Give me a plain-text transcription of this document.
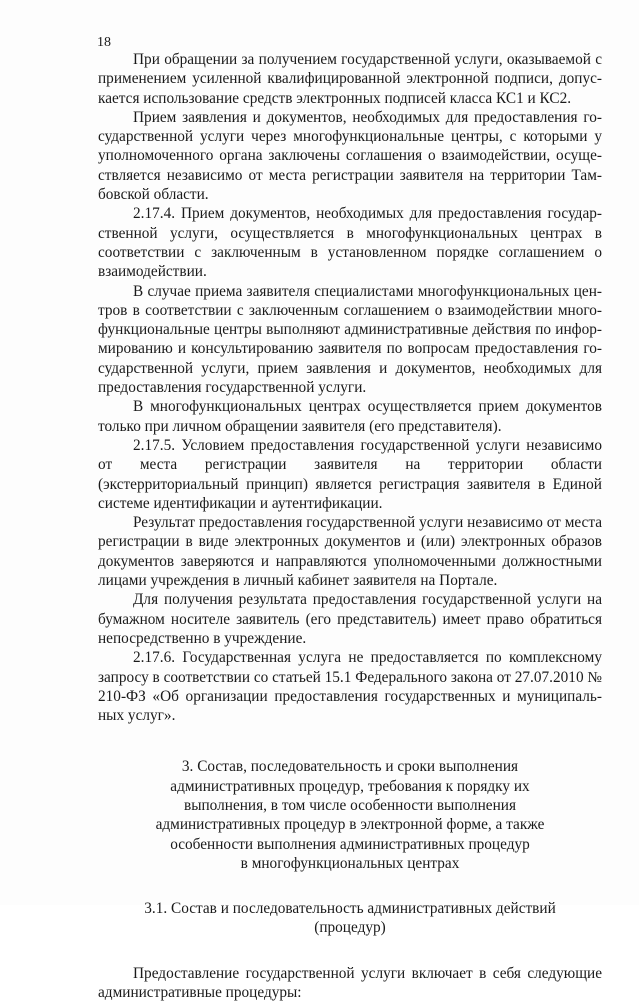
18

При обращении за получением государственной услуги, оказываемой с применением усиленной квалифицированной электронной подписи, допускается использование средств электронных подписей класса КС1 и КС2.

Прием заявления и документов, необходимых для предоставления государственной услуги через многофункциональные центры, с которыми у уполномоченного органа заключены соглашения о взаимодействии, осуществляется независимо от места регистрации заявителя на территории Тамбовской области.

2.17.4. Прием документов, необходимых для предоставления государственной услуги, осуществляется в многофункциональных центрах в соответствии с заключенным в установленном порядке соглашением о взаимодействии.

В случае приема заявителя специалистами многофункциональных центров в соответствии с заключенным соглашением о взаимодействии многофункциональные центры выполняют административные действия по информированию и консультированию заявителя по вопросам предоставления государственной услуги, прием заявления и документов, необходимых для предоставления государственной услуги.

В многофункциональных центрах осуществляется прием документов только при личном обращении заявителя (его представителя).

2.17.5. Условием предоставления государственной услуги независимо от места регистрации заявителя на территории области (экстерриториальный принцип) является регистрация заявителя в Единой системе идентификации и аутентификации.

Результат предоставления государственной услуги независимо от места регистрации в виде электронных документов и (или) электронных образов документов заверяются и направляются уполномоченными должностными лицами учреждения в личный кабинет заявителя на Портале.

Для получения результата предоставления государственной услуги на бумажном носителе заявитель (его представитель) имеет право обратиться непосредственно в учреждение.

2.17.6. Государственная услуга не предоставляется по комплексному запросу в соответствии со статьей 15.1 Федерального закона от 27.07.2010 № 210-ФЗ «Об организации предоставления государственных и муниципальных услуг».

3. Состав, последовательность и сроки выполнения
административных процедур, требования к порядку их
выполнения, в том числе особенности выполнения
административных процедур в электронной форме, а также
особенности выполнения административных процедур
в многофункциональных центрах
3.1. Состав и последовательность административных действий
(процедур)

Предоставление государственной услуги включает в себя следующие административные процедуры:
